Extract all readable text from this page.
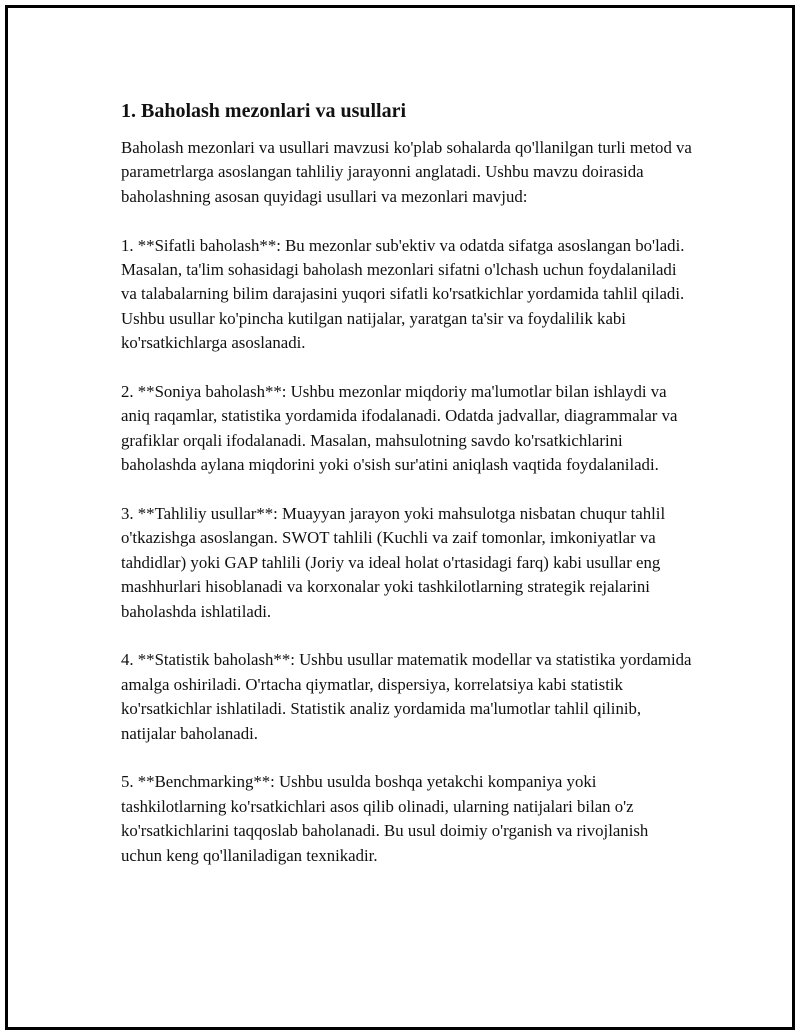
1. Baholash mezonlari va usullari

Baholash mezonlari va usullari mavzusi ko'plab sohalarda qo'llanilgan turli metod va parametrlarga asoslangan tahliliy jarayonni anglatadi. Ushbu mavzu doirasida baholashning asosan quyidagi usullari va mezonlari mavjud:

1. **Sifatli baholash**: Bu mezonlar sub'ektiv va odatda sifatga asoslangan bo'ladi. Masalan, ta'lim sohasidagi baholash mezonlari sifatni o'lchash uchun foydalaniladi va talabalarning bilim darajasini yuqori sifatli ko'rsatkichlar yordamida tahlil qiladi. Ushbu usullar ko'pincha kutilgan natijalar, yaratgan ta'sir va foydalilik kabi ko'rsatkichlarga asoslanadi.

2. **Soniya baholash**: Ushbu mezonlar miqdoriy ma'lumotlar bilan ishlaydi va aniq raqamlar, statistika yordamida ifodalanadi. Odatda jadvallar, diagrammalar va grafiklar orqali ifodalanadi. Masalan, mahsulotning savdo ko'rsatkichlarini baholashda aylana miqdorini yoki o'sish sur'atini aniqlash vaqtida foydalaniladi.

3. **Tahliliy usullar**: Muayyan jarayon yoki mahsulotga nisbatan chuqur tahlil o'tkazishga asoslangan. SWOT tahlili (Kuchli va zaif tomonlar, imkoniyatlar va tahdidlar) yoki GAP tahlili (Joriy va ideal holat o'rtasidagi farq) kabi usullar eng mashhurlari hisoblanadi va korxonalar yoki tashkilotlarning strategik rejalarini baholashda ishlatiladi.

4. **Statistik baholash**: Ushbu usullar matematik modellar va statistika yordamida amalga oshiriladi. O'rtacha qiymatlar, dispersiya, korrelatsiya kabi statistik ko'rsatkichlar ishlatiladi. Statistik analiz yordamida ma'lumotlar tahlil qilinib, natijalar baholanadi.

5. **Benchmarking**: Ushbu usulda boshqa yetakchi kompaniya yoki tashkilotlarning ko'rsatkichlari asos qilib olinadi, ularning natijalari bilan o'z ko'rsatkichlarini taqqoslab baholanadi. Bu usul doimiy o'rganish va rivojlanish uchun keng qo'llaniladigan texnikadir.
